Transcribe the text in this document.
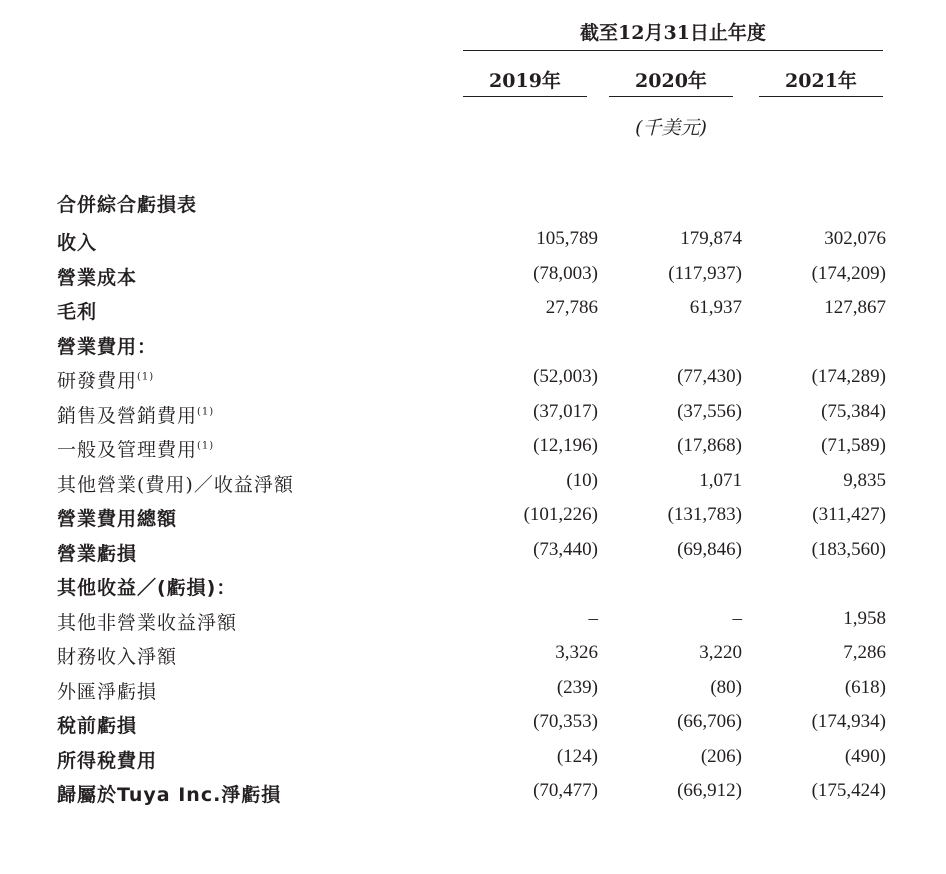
截至12月31日止年度
2019年	2020年	2021年
(千美元)
合併綜合虧損表
收入	105,789	179,874	302,076
營業成本	(78,003)	(117,937)	(174,209)
毛利	27,786	61,937	127,867
營業費用：
研發費用$^{(1)}$	(52,003)	(77,430)	(174,289)
銷售及營銷費用$^{(1)}$	(37,017)	(37,556)	(75,384)
一般及管理費用$^{(1)}$	(12,196)	(17,868)	(71,589)
其他營業(費用)／收益淨額	(10)	1,071	9,835
營業費用總額	(101,226)	(131,783)	(311,427)
營業虧損	(73,440)	(69,846)	(183,560)
其他收益／(虧損)：
其他非營業收益淨額	–	–	1,958
財務收入淨額	3,326	3,220	7,286
外匯淨虧損	(239)	(80)	(618)
稅前虧損	(70,353)	(66,706)	(174,934)
所得稅費用	(124)	(206)	(490)
歸屬於Tuya Inc.淨虧損	(70,477)	(66,912)	(175,424)
